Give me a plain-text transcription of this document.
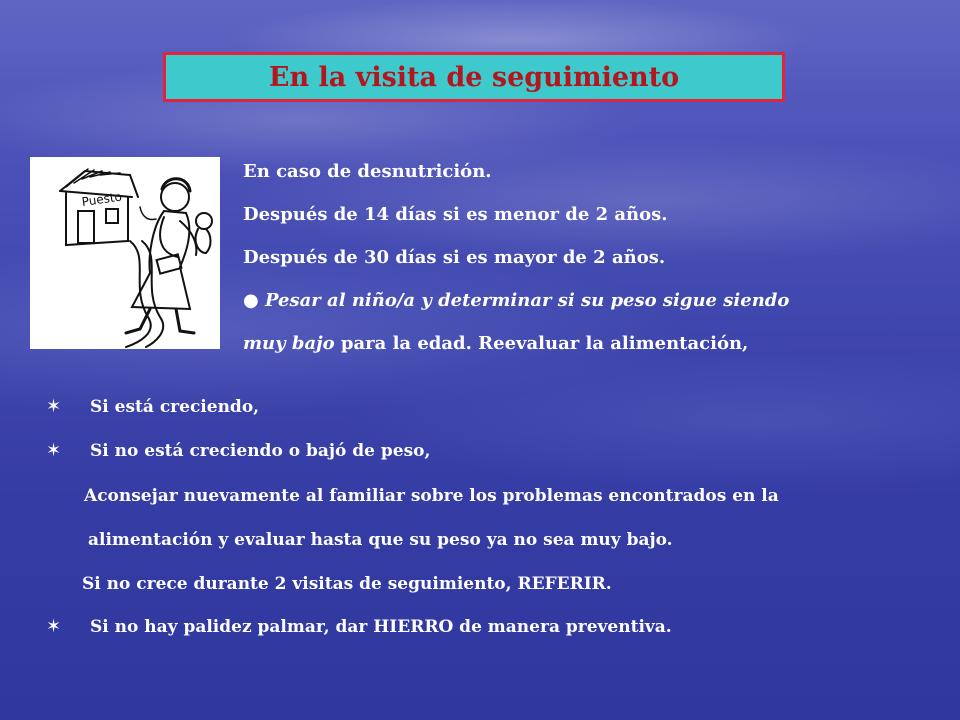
En la visita de seguimiento
Puesto
En caso de desnutrición.
Después de 14 días si es menor de 2 años.
Después de 30 días si es mayor de 2 años.
● Pesar al niño/a y determinar si su peso sigue siendo
muy bajo para la edad. Reevaluar la alimentación,
✶ Si está creciendo,
✶ Si no está creciendo o bajó de peso,
Aconsejar nuevamente al familiar sobre los problemas encontrados en la
alimentación y evaluar hasta que su peso ya no sea muy bajo.
Si no crece durante 2 visitas de seguimiento, REFERIR.
✶ Si no hay palidez palmar, dar HIERRO de manera preventiva.
